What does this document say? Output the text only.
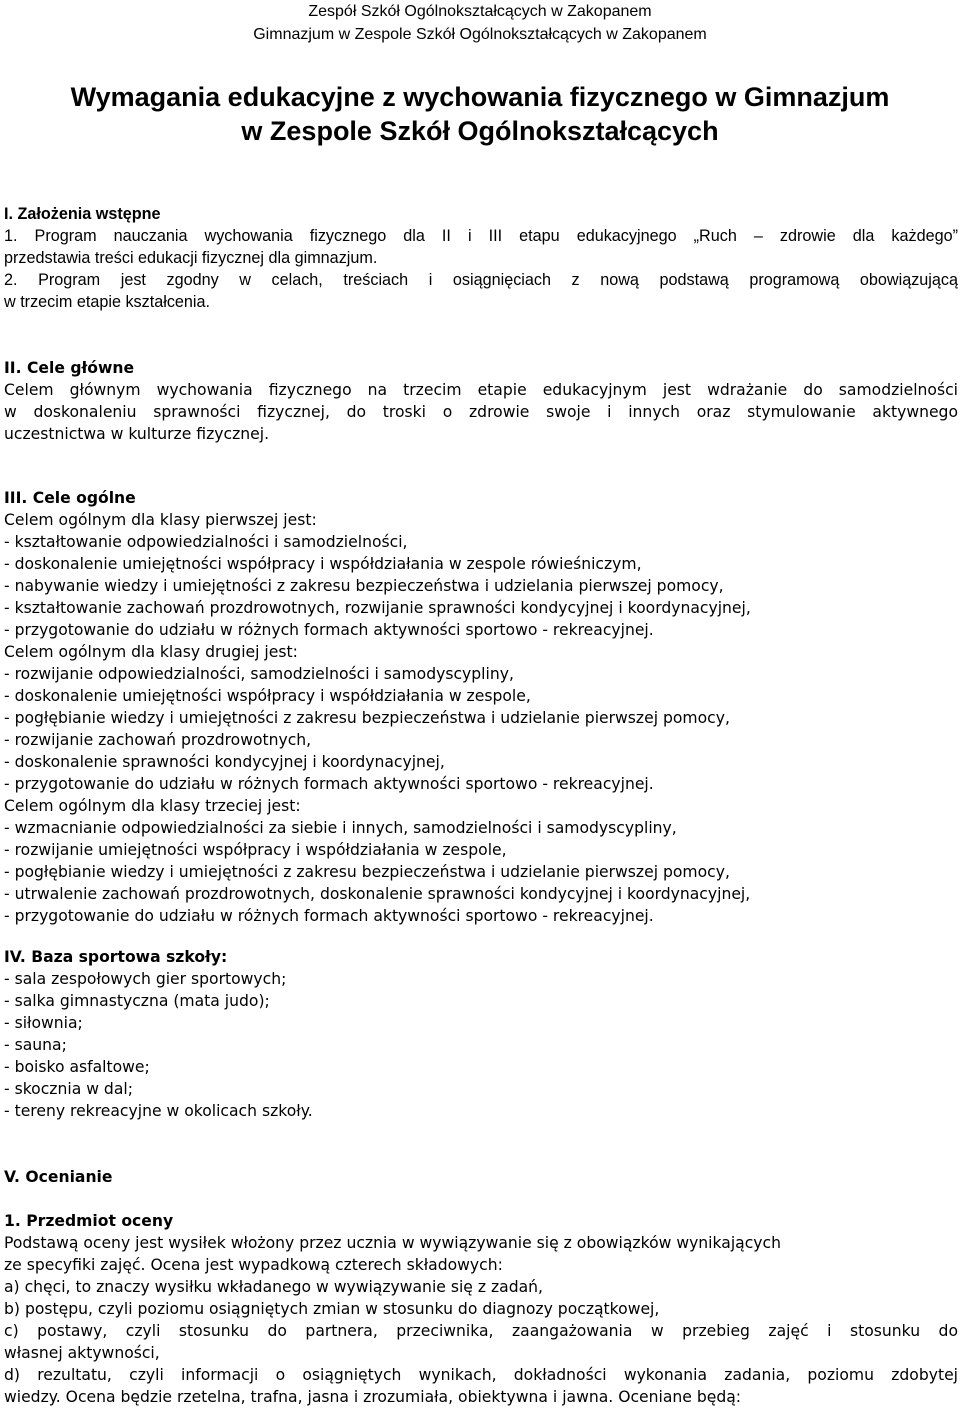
Zespół Szkół Ogólnokształcących w Zakopanem
Gimnazjum w Zespole Szkół Ogólnokształcących w Zakopanem
Wymagania edukacyjne z wychowania fizycznego w Gimnazjum
w Zespole Szkół Ogólnokształcących
I. Założenia wstępne
1. Program nauczania wychowania fizycznego dla II i III etapu edukacyjnego „Ruch – zdrowie dla każdego”
przedstawia treści edukacji fizycznej dla gimnazjum.
2. Program jest zgodny w celach, treściach i osiągnięciach z nową podstawą programową obowiązującą
w trzecim etapie kształcenia.
II. Cele główne
Celem głównym wychowania fizycznego na trzecim etapie edukacyjnym jest wdrażanie do samodzielności
w doskonaleniu sprawności fizycznej, do troski o zdrowie swoje i innych oraz stymulowanie aktywnego
uczestnictwa w kulturze fizycznej.
III. Cele ogólne
Celem ogólnym dla klasy pierwszej jest:
- kształtowanie odpowiedzialności i samodzielności,
- doskonalenie umiejętności współpracy i współdziałania w zespole rówieśniczym,
- nabywanie wiedzy i umiejętności z zakresu bezpieczeństwa i udzielania pierwszej pomocy,
- kształtowanie zachowań prozdrowotnych, rozwijanie sprawności kondycyjnej i koordynacyjnej,
- przygotowanie do udziału w różnych formach aktywności sportowo - rekreacyjnej.
Celem ogólnym dla klasy drugiej jest:
- rozwijanie odpowiedzialności, samodzielności i samodyscypliny,
- doskonalenie umiejętności współpracy i współdziałania w zespole,
- pogłębianie wiedzy i umiejętności z zakresu bezpieczeństwa i udzielanie pierwszej pomocy,
- rozwijanie zachowań prozdrowotnych,
- doskonalenie sprawności kondycyjnej i koordynacyjnej,
- przygotowanie do udziału w różnych formach aktywności sportowo - rekreacyjnej.
Celem ogólnym dla klasy trzeciej jest:
- wzmacnianie odpowiedzialności za siebie i innych, samodzielności i samodyscypliny,
- rozwijanie umiejętności współpracy i współdziałania w zespole,
- pogłębianie wiedzy i umiejętności z zakresu bezpieczeństwa i udzielanie pierwszej pomocy,
- utrwalenie zachowań prozdrowotnych, doskonalenie sprawności kondycyjnej i koordynacyjnej,
- przygotowanie do udziału w różnych formach aktywności sportowo - rekreacyjnej.
IV. Baza sportowa szkoły:
- sala zespołowych gier sportowych;
- salka gimnastyczna (mata judo);
- siłownia;
- sauna;
- boisko asfaltowe;
- skocznia w dal;
- tereny rekreacyjne w okolicach szkoły.
V. Ocenianie
1. Przedmiot oceny
Podstawą oceny jest wysiłek włożony przez ucznia w wywiązywanie się z obowiązków wynikających
ze specyfiki zajęć. Ocena jest wypadkową czterech składowych:
a) chęci, to znaczy wysiłku wkładanego w wywiązywanie się z zadań,
b) postępu, czyli poziomu osiągniętych zmian w stosunku do diagnozy początkowej,
c) postawy, czyli stosunku do partnera, przeciwnika, zaangażowania w przebieg zajęć i stosunku do
własnej aktywności,
d) rezultatu, czyli informacji o osiągniętych wynikach, dokładności wykonania zadania, poziomu zdobytej
wiedzy. Ocena będzie rzetelna, trafna, jasna i zrozumiała, obiektywna i jawna. Oceniane będą:
